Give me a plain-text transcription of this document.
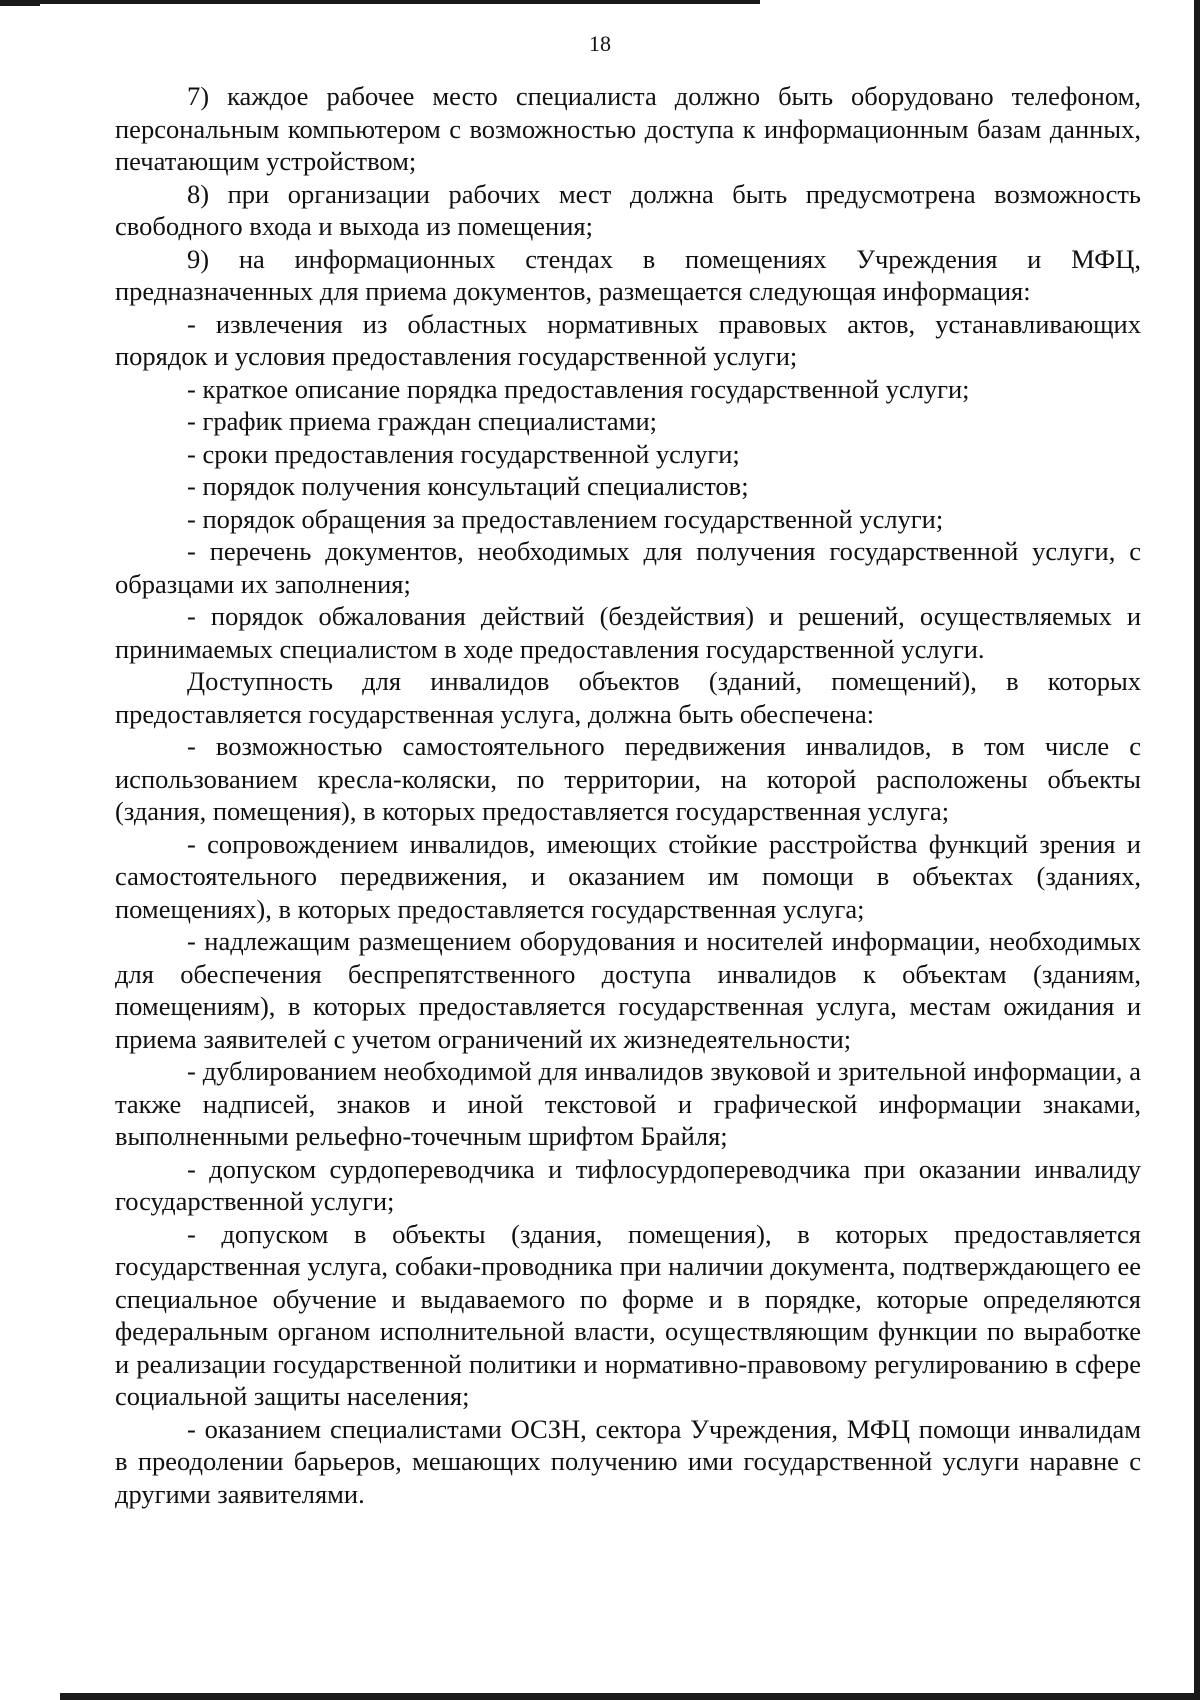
18

7) каждое рабочее место специалиста должно быть оборудовано телефоном, персональным компьютером с возможностью доступа к информационным базам данных, печатающим устройством;

8) при организации рабочих мест должна быть предусмотрена возможность свободного входа и выхода из помещения;

9) на информационных стендах в помещениях Учреждения и МФЦ, предназначенных для приема документов, размещается следующая информация:

- извлечения из областных нормативных правовых актов, устанавливающих порядок и условия предоставления государственной услуги;

- краткое описание порядка предоставления государственной услуги;

- график приема граждан специалистами;

- сроки предоставления государственной услуги;

- порядок получения консультаций специалистов;

- порядок обращения за предоставлением государственной услуги;

- перечень документов, необходимых для получения государственной услуги, с образцами их заполнения;

- порядок обжалования действий (бездействия) и решений, осуществляемых и принимаемых специалистом в ходе предоставления государственной услуги.

Доступность для инвалидов объектов (зданий, помещений), в которых предоставляется государственная услуга, должна быть обеспечена:

- возможностью самостоятельного передвижения инвалидов, в том числе с использованием кресла-коляски, по территории, на которой расположены объекты (здания, помещения), в которых предоставляется государственная услуга;

- сопровождением инвалидов, имеющих стойкие расстройства функций зрения и самостоятельного передвижения, и оказанием им помощи в объектах (зданиях, помещениях), в которых предоставляется государственная услуга;

- надлежащим размещением оборудования и носителей информации, необходимых для обеспечения беспрепятственного доступа инвалидов к объектам (зданиям, помещениям), в которых предоставляется государственная услуга, местам ожидания и приема заявителей с учетом ограничений их жизнедеятельности;

- дублированием необходимой для инвалидов звуковой и зрительной информации, а также надписей, знаков и иной текстовой и графической информации знаками, выполненными рельефно-точечным шрифтом Брайля;

- допуском сурдопереводчика и тифлосурдопереводчика при оказании инвалиду государственной услуги;

- допуском в объекты (здания, помещения), в которых предоставляется государственная услуга, собаки-проводника при наличии документа, подтверждающего ее специальное обучение и выдаваемого по форме и в порядке, которые определяются федеральным органом исполнительной власти, осуществляющим функции по выработке и реализации государственной политики и нормативно-правовому регулированию в сфере социальной защиты населения;

- оказанием специалистами ОСЗН, сектора Учреждения, МФЦ помощи инвалидам в преодолении барьеров, мешающих получению ими государственной услуги наравне с другими заявителями.
